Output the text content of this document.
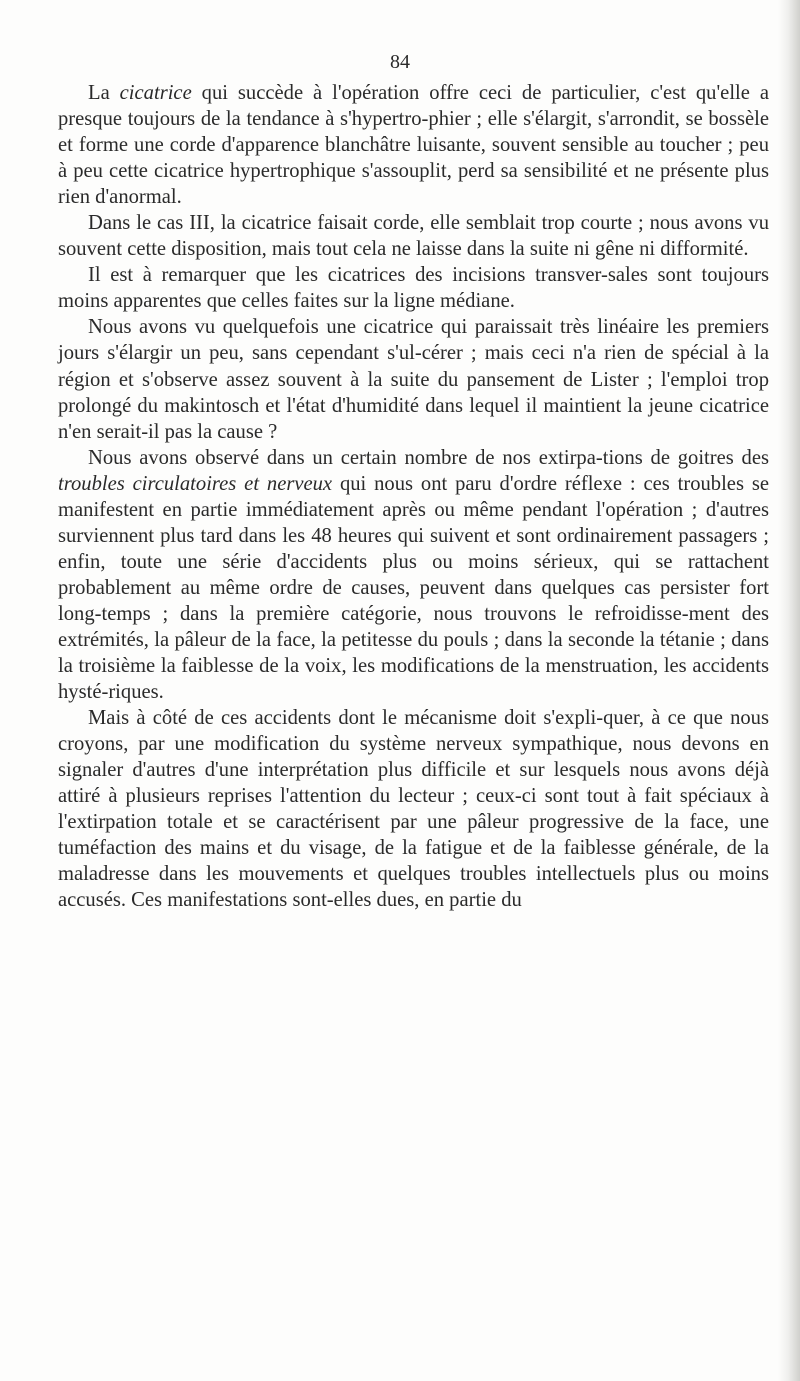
84

La cicatrice qui succède à l'opération offre ceci de particulier, c'est qu'elle a presque toujours de la tendance à s'hypertro-phier ; elle s'élargit, s'arrondit, se bossèle et forme une corde d'apparence blanchâtre luisante, souvent sensible au toucher ; peu à peu cette cicatrice hypertrophique s'assouplit, perd sa sensibilité et ne présente plus rien d'anormal.

Dans le cas III, la cicatrice faisait corde, elle semblait trop courte ; nous avons vu souvent cette disposition, mais tout cela ne laisse dans la suite ni gêne ni difformité.

Il est à remarquer que les cicatrices des incisions transver-sales sont toujours moins apparentes que celles faites sur la ligne médiane.

Nous avons vu quelquefois une cicatrice qui paraissait très linéaire les premiers jours s'élargir un peu, sans cependant s'ul-cérer ; mais ceci n'a rien de spécial à la région et s'observe assez souvent à la suite du pansement de Lister ; l'emploi trop prolongé du makintosch et l'état d'humidité dans lequel il maintient la jeune cicatrice n'en serait-il pas la cause ?

Nous avons observé dans un certain nombre de nos extirpa-tions de goitres des troubles circulatoires et nerveux qui nous ont paru d'ordre réflexe : ces troubles se manifestent en partie immédiatement après ou même pendant l'opération ; d'autres surviennent plus tard dans les 48 heures qui suivent et sont ordinairement passagers ; enfin, toute une série d'accidents plus ou moins sérieux, qui se rattachent probablement au même ordre de causes, peuvent dans quelques cas persister fort long-temps ; dans la première catégorie, nous trouvons le refroidisse-ment des extrémités, la pâleur de la face, la petitesse du pouls ; dans la seconde la tétanie ; dans la troisième la faiblesse de la voix, les modifications de la menstruation, les accidents hysté-riques.

Mais à côté de ces accidents dont le mécanisme doit s'expli-quer, à ce que nous croyons, par une modification du système nerveux sympathique, nous devons en signaler d'autres d'une interprétation plus difficile et sur lesquels nous avons déjà attiré à plusieurs reprises l'attention du lecteur ; ceux-ci sont tout à fait spéciaux à l'extirpation totale et se caractérisent par une pâleur progressive de la face, une tuméfaction des mains et du visage, de la fatigue et de la faiblesse générale, de la maladresse dans les mouvements et quelques troubles intellectuels plus ou moins accusés. Ces manifestations sont-elles dues, en partie du
